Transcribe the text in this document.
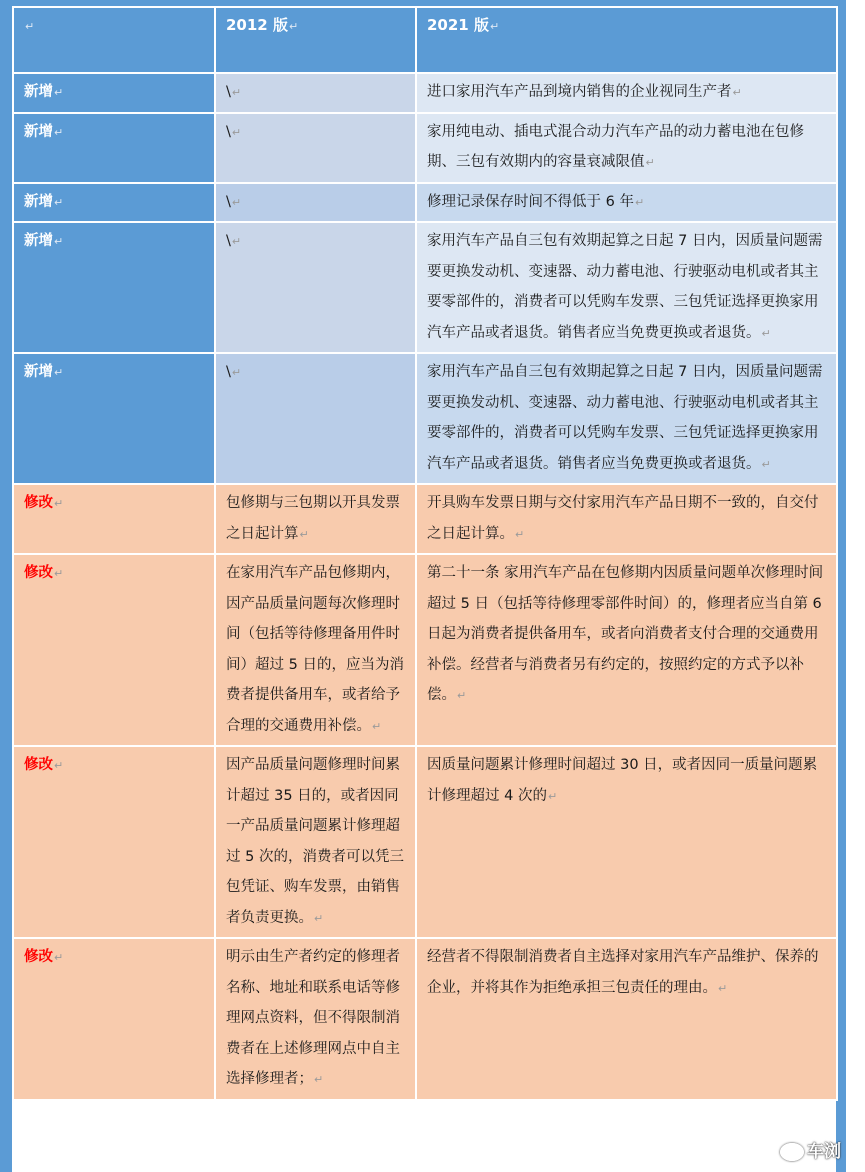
↵	2012 版↵	2021 版↵
新增↵	\↵	进口家用汽车产品到境内销售的企业视同生产者↵
新增↵	\↵	家用纯电动、插电式混合动力汽车产品的动力蓄电池在包修期、三包有效期内的容量衰减限值↵
新增↵	\↵	修理记录保存时间不得低于 6 年↵
新增↵	\↵	家用汽车产品自三包有效期起算之日起 7 日内，因质量问题需要更换发动机、变速器、动力蓄电池、行驶驱动电机或者其主要零部件的，消费者可以凭购车发票、三包凭证选择更换家用汽车产品或者退货。销售者应当免费更换或者退货。↵
新增↵	\↵	家用汽车产品自三包有效期起算之日起 7 日内，因质量问题需要更换发动机、变速器、动力蓄电池、行驶驱动电机或者其主要零部件的，消费者可以凭购车发票、三包凭证选择更换家用汽车产品或者退货。销售者应当免费更换或者退货。↵
修改↵	包修期与三包期以开具发票之日起计算↵	开具购车发票日期与交付家用汽车产品日期不一致的，自交付之日起计算。↵
修改↵	在家用汽车产品包修期内，因产品质量问题每次修理时间（包括等待修理备用件时间）超过 5 日的，应当为消费者提供备用车，或者给予合理的交通费用补偿。↵	第二十一条 家用汽车产品在包修期内因质量问题单次修理时间超过 5 日（包括等待修理零部件时间）的，修理者应当自第 6 日起为消费者提供备用车，或者向消费者支付合理的交通费用补偿。经营者与消费者另有约定的，按照约定的方式予以补偿。↵
修改↵	因产品质量问题修理时间累计超过 35 日的，或者因同一产品质量问题累计修理超过 5 次的，消费者可以凭三包凭证、购车发票，由销售者负责更换。↵	因质量问题累计修理时间超过 30 日，或者因同一质量问题累计修理超过 4 次的↵
修改↵	明示由生产者约定的修理者名称、地址和联系电话等修理网点资料，但不得限制消费者在上述修理网点中自主选择修理者；↵	经营者不得限制消费者自主选择对家用汽车产品维护、保养的企业，并将其作为拒绝承担三包责任的理由。↵
车浏
